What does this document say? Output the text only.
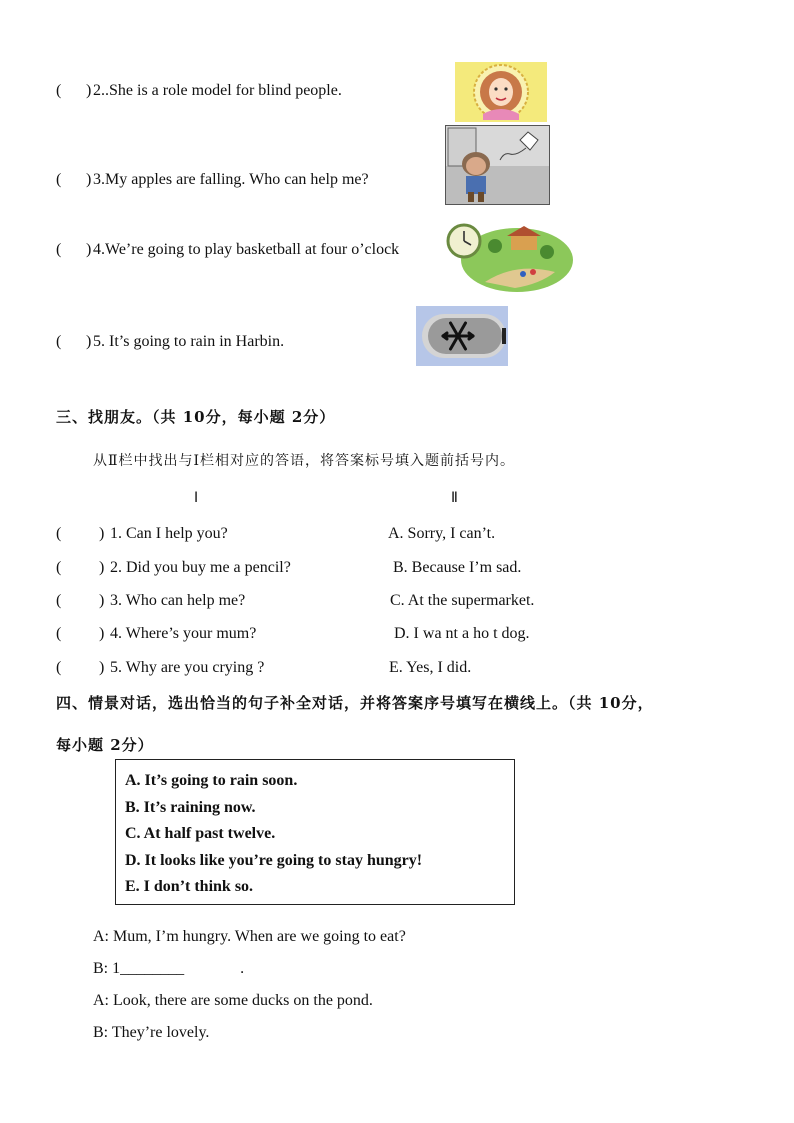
( ) 2..She is a role model for blind people.
( ) 3.My apples are falling. Who can help me?
( ) 4.We’re going to play basketball at four o’clock
( ) 5. It’s going to rain in Harbin.
三、找朋友。（共 10分，每小题 2分）
从Ⅱ栏中找出与Ⅰ栏相对应的答语，将答案标号填入题前括号内。
Ⅰ	Ⅱ
( ) 1. Can I help you?	A. Sorry, I can’t.
( ) 2. Did you buy me a pencil?	B. Because I’m sad.
( ) 3. Who can help me?	C. At the supermarket.
( ) 4. Where’s your mum?	D. I wa nt a ho t dog.
( ) 5. Why are you crying ?	E. Yes, I did.
四、情景对话，选出恰当的句子补全对话，并将答案序号填写在横线上。（共 10分，
每小题 2分）
A. It’s going to rain soon.
B. It’s raining now.
C. At half past twelve.
D. It looks like you’re going to stay hungry!
E. I don’t think so.
A: Mum, I’m hungry. When are we going to eat?
B: 1________              .
A: Look, there are some ducks on the pond.
B: They’re lovely.
